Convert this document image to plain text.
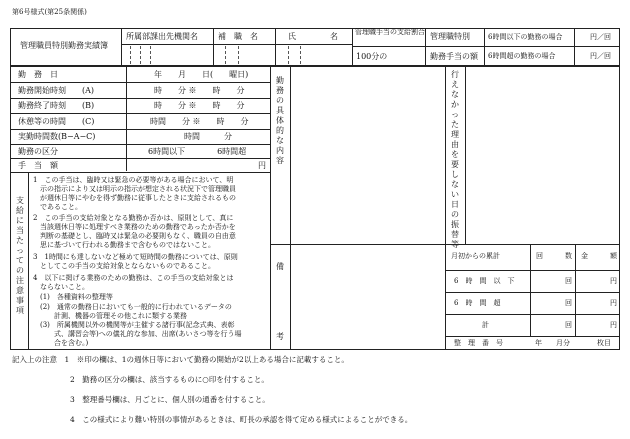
第6号様式(第25条関係)
管理職員特別勤務実績簿
所属部課出先機関名	補　職　名	氏	名 管理職手当の支給割合
100分の
管理職特別
勤務手当の額
6時間以下の勤務の場合	円／回
6時間超の勤務の場合	円／回
勤　務　日	年　　月　　日(　　曜日)
勤務開始時刻　　(A)	時　　分 ※　　時　　分
勤務終了時刻　　(B)	時　　分 ※　　時　　分
休憩等の時間　　(C)	時間　　分 ※　　時　　分
実勤時間数(B−A−C)	時間　　　分
勤務の区分	6時間以下　　　　6時間超
手　当　額	円
勤務の具体的な内容
行えなかった理由を要しない日の振替等
備
考
支給に当たっての注意事項
1　この手当は、臨時又は緊急の必要等がある場合において、明
　示の指示により又は明示の指示が想定される状況下で管理職員
　が週休日等にやむを得ず勤務に従事したときに支給されるもの
　であること。
2　この手当の支給対象となる勤務か否かは、原則として、真に
　当該週休日等に処理すべき業務のための勤務であったか否かを
　判断の基礎とし、臨時又は緊急の必要則もなく、職員の自由意
　思に基づいて行われる勤務まで含むものではないこと。
3　1時間にも達しないなど極めて短時間の勤務については、原則
　としてこの手当の支給対象とならないものであること。
4　以下に掲げる業務のための勤務は、この手当の支給対象とは
　ならないこと。
　(1)　各種資料の整理等
　(2)　通常の勤務日においても一般的に行われているデータの
　　　計測、機器の管理その他これに類する業務
　(3)　所属機関以外の機関等が主催する諸行事(記念式典、表彰
　　　式、講習会等)への儀礼的な参加、出席(あいさつ等を行う場
　　　合を含む。)
月初からの累計	回	数 金	額
6　時　間　以　下	回	円
6　時　間　超	回	円
計	回	円
整　理　番　号	年　　月分	枚目
記入上の注意　1　※印の欄は、1の週休日等において勤務の開始が2以上ある場合に記載すること。
2　勤務の区分の欄は、該当するものに○印を付すること。
3　整理番号欄は、月ごとに、個人別の通番を付すること。
4　この様式により難い特別の事情があるときは、町長の承認を得て定める様式によることができる。
